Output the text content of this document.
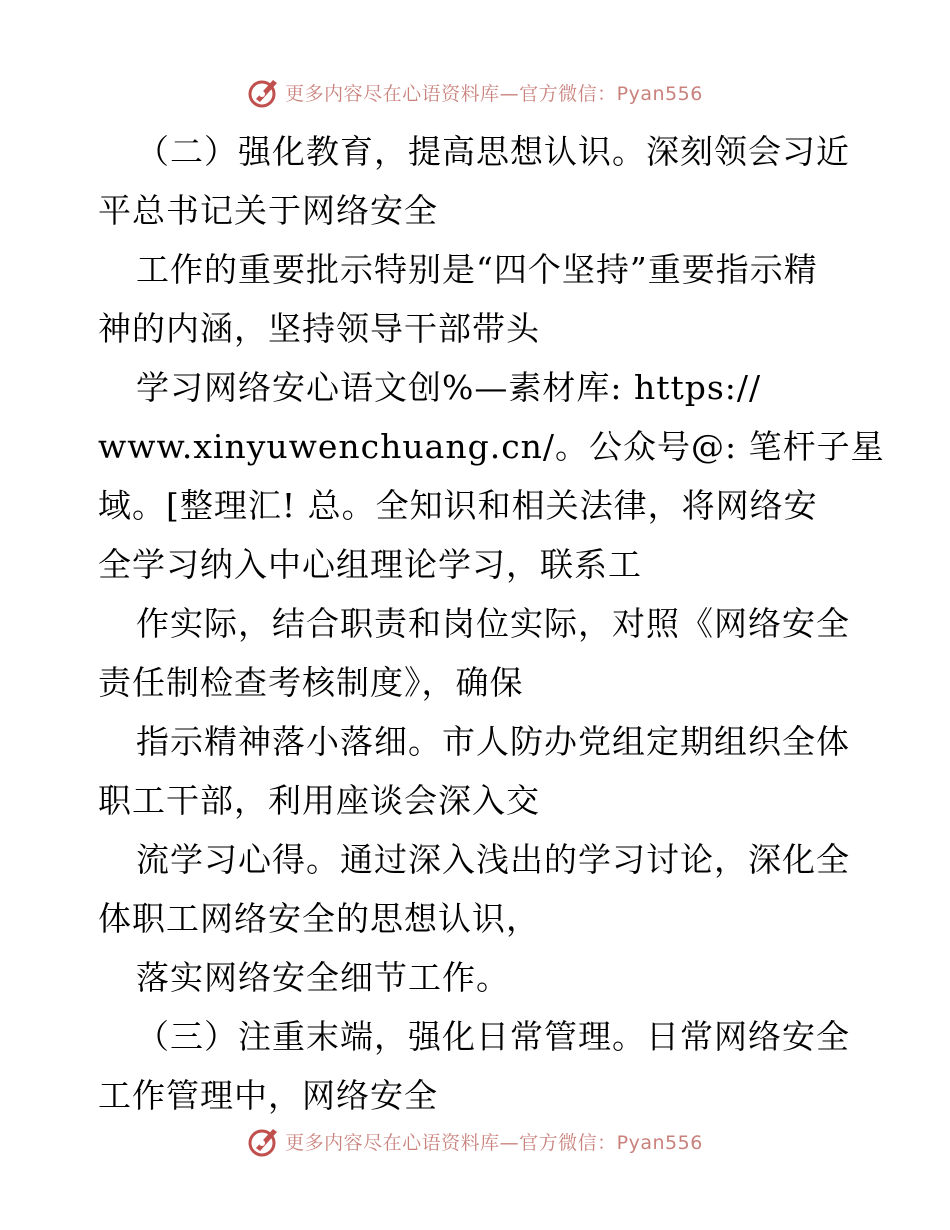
更多内容尽在心语资料库—官方微信：Pyan556
（二）强化教育，提高思想认识。深刻领会习近
平总书记关于网络安全
工作的重要批示特别是“四个坚持”重要指示精
神的内涵，坚持领导干部带头
学习网络安心语文创%—素材库: https://
www.xinyuwenchuang.cn/。公众号@: 笔杆子星
域。[整理汇! 总。全知识和相关法律，将网络安
全学习纳入中心组理论学习，联系工
作实际，结合职责和岗位实际，对照《网络安全
责任制检查考核制度》，确保
指示精神落小落细。市人防办党组定期组织全体
职工干部，利用座谈会深入交
流学习心得。通过深入浅出的学习讨论，深化全
体职工网络安全的思想认识，
落实网络安全细节工作。
（三）注重末端，强化日常管理。日常网络安全
工作管理中，网络安全
更多内容尽在心语资料库—官方微信：Pyan556
